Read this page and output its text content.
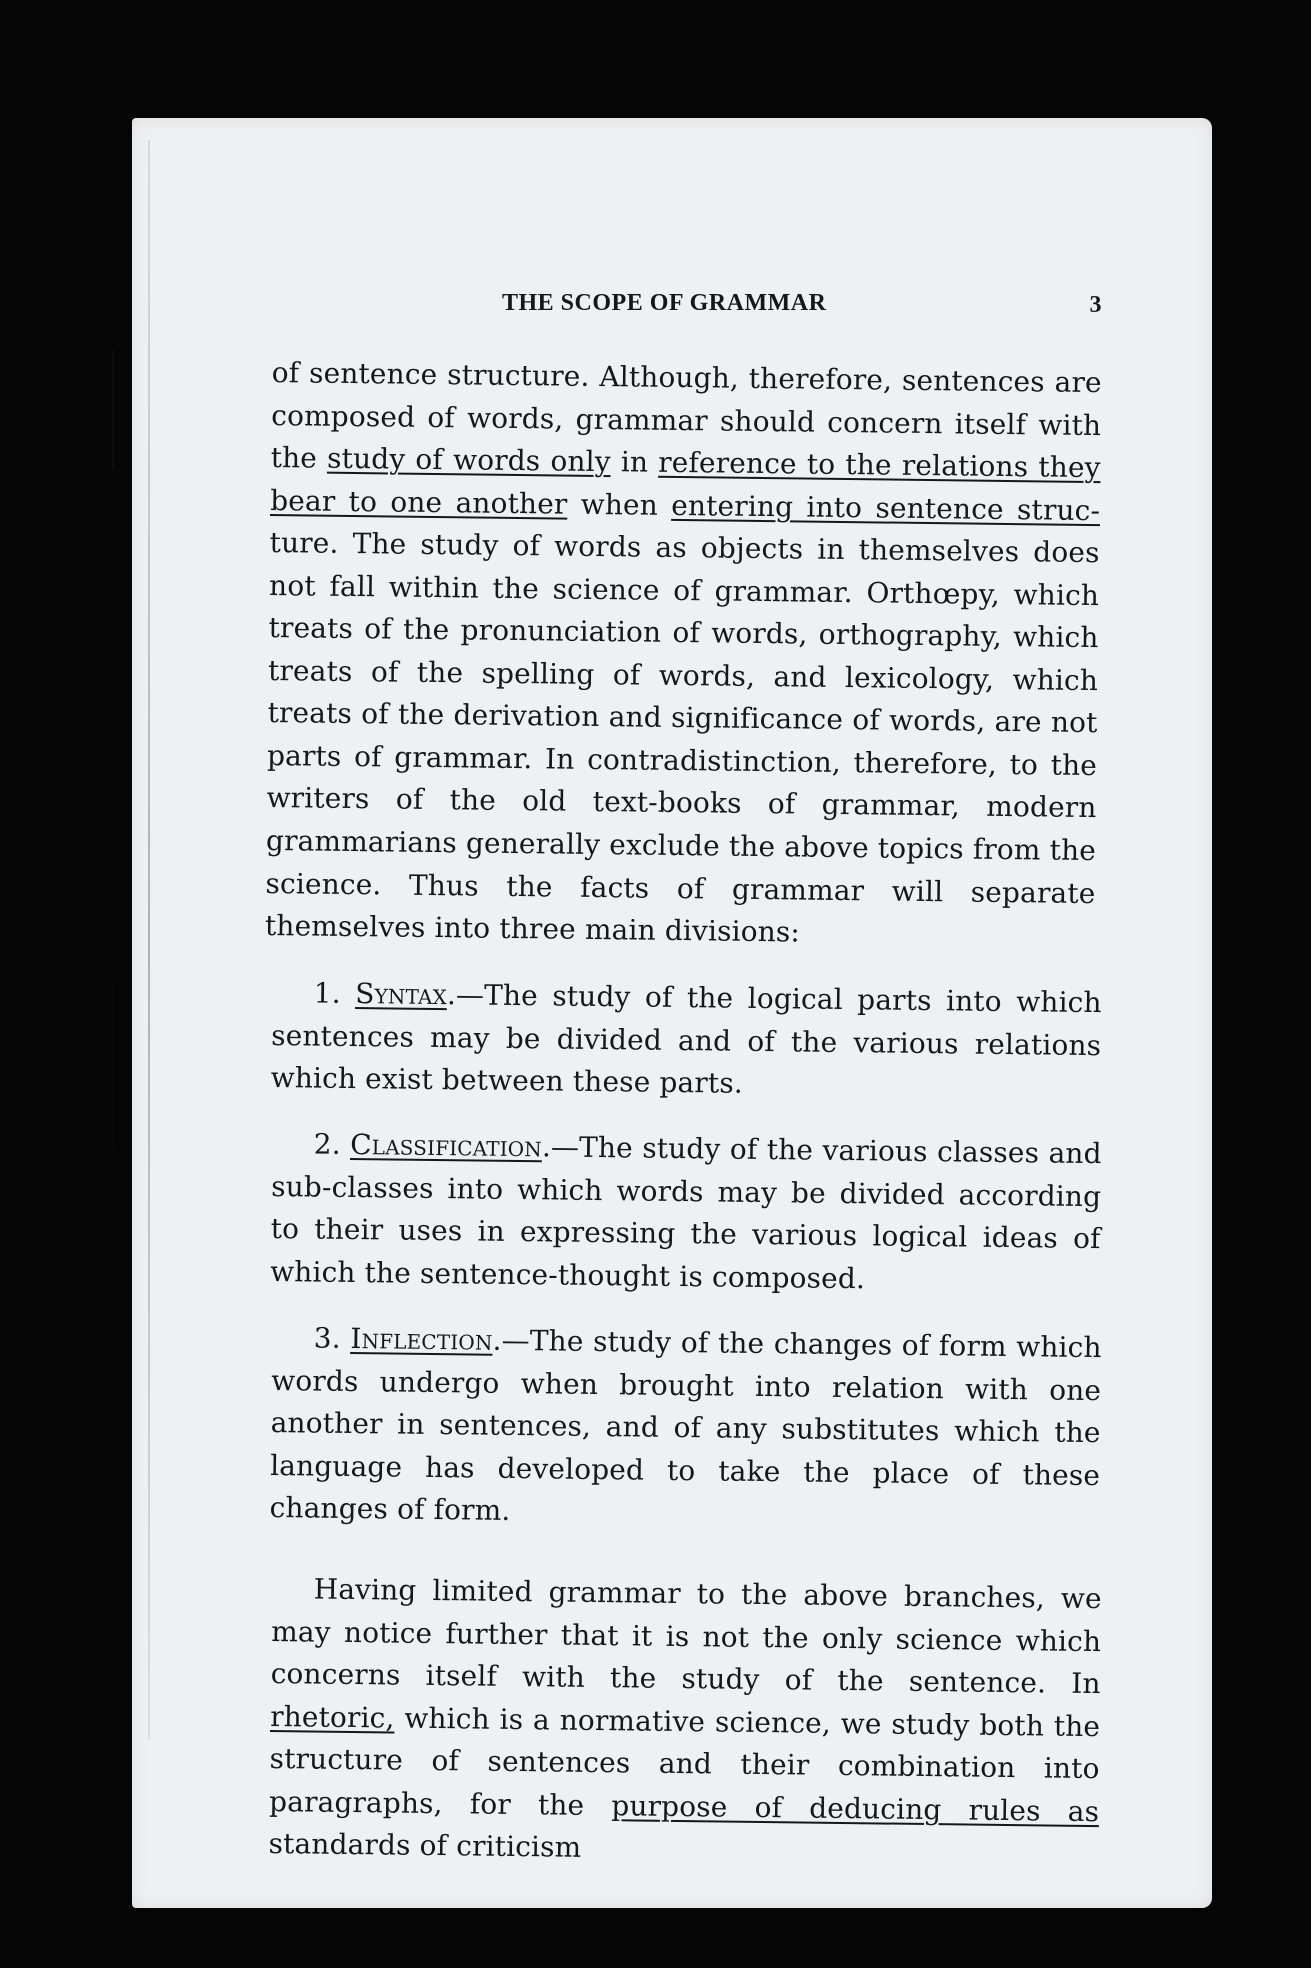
THE SCOPE OF GRAMMAR	3

of sentence structure. Although, therefore, sentences are composed of words, grammar should concern itself with the study of words only in reference to the relations they bear to one another when entering into sentence struc-ture. The study of words as objects in themselves does not fall within the science of grammar. Orthœpy, which treats of the pronunciation of words, orthography, which treats of the spelling of words, and lexicology, which treats of the derivation and significance of words, are not parts of grammar. In contradistinction, therefore, to the writers of the old text-books of grammar, modern grammarians generally exclude the above topics from the science. Thus the facts of grammar will separate themselves into three main divisions:

1. Syntax.—The study of the logical parts into which sentences may be divided and of the various relations which exist between these parts.

2. Classification.—The study of the various classes and sub-classes into which words may be divided according to their uses in expressing the various logical ideas of which the sentence-thought is composed.

3. Inflection.—The study of the changes of form which words undergo when brought into relation with one another in sentences, and of any substitutes which the language has developed to take the place of these changes of form.

Having limited grammar to the above branches, we may notice further that it is not the only science which concerns itself with the study of the sentence. In rhetoric, which is a normative science, we study both the structure of sentences and their combination into paragraphs, for the purpose of deducing rules as standards of criticism
